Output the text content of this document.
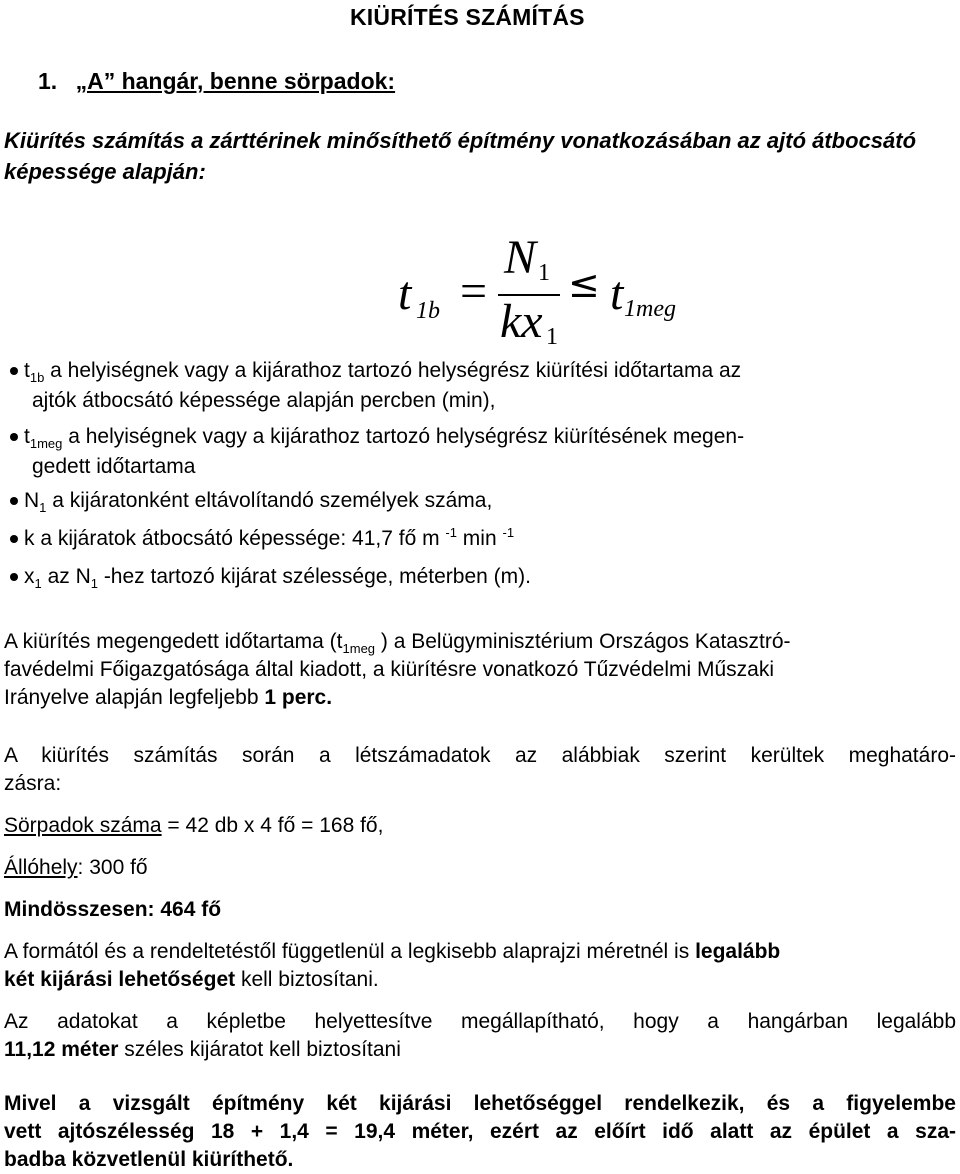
KIÜRÍTÉS SZÁMÍTÁS
1. „A” hangár, benne sörpadok:
Kiürítés számítás a zárttérinek minősíthető építmény vonatkozásában az ajtó átbocsátó képessége alapján:
t 1b =
N 1
kx 1
≤ t 1meg
$t_{1b}$ a helyiségnek vagy a kijárathoz tartozó helységrész kiürítési időtartama az
ajtók átbocsátó képessége alapján percben (min),
$t_{1meg}$ a helyiségnek vagy a kijárathoz tartozó helységrész kiürítésének megen-
gedett időtartama
$N_1$ a kijáratonként eltávolítandó személyek száma,
k a kijáratok átbocsátó képessége: 41,7 fő m $^{-1}$ min $^{-1}$
$x_1$ az $N_1$ -hez tartozó kijárat szélessége, méterben (m).
A kiürítés megengedett időtartama ($t_{1meg}$ ) a Belügyminisztérium Országos Katasztró-
favédelmi Főigazgatósága által kiadott, a kiürítésre vonatkozó Tűzvédelmi Műszaki
Irányelve alapján legfeljebb 1 perc.
A kiürítés számítás során a létszámadatok az alábbiak szerint kerültek meghatáro-
zásra:
Sörpadok száma = 42 db x 4 fő = 168 fő,
Állóhely: 300 fő
Mindösszesen: 464 fő
A formától és a rendeltetéstől függetlenül a legkisebb alaprajzi méretnél is legalább
két kijárási lehetőséget kell biztosítani.
Az adatokat a képletbe helyettesítve megállapítható, hogy a hangárban legalább
11,12 méter széles kijáratot kell biztosítani
Mivel a vizsgált építmény két kijárási lehetőséggel rendelkezik, és a figyelembe
vett ajtószélesség 18 + 1,4 = 19,4 méter, ezért az előírt idő alatt az épület a sza-
badba közvetlenül kiüríthető.
